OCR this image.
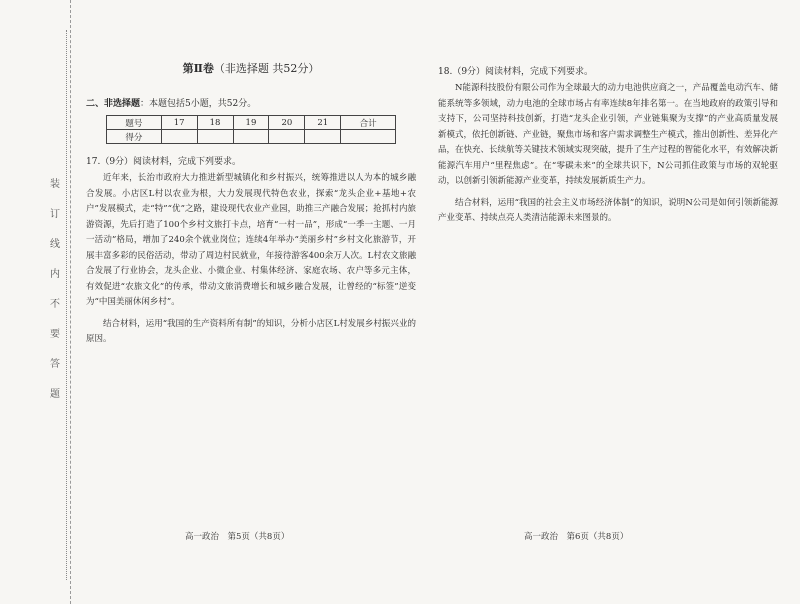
装订线内不要答题
第Ⅱ卷（非选择题 共52分）
二、非选择题：本题包括5小题，共52分。
题号	17	18	19	20	21	合计
得分						
17.（9分）阅读材料，完成下列要求。

近年来，长治市政府大力推进新型城镇化和乡村振兴，统筹推进以人为本的城乡融合发展。小店区L村以农业为根，大力发展现代特色农业，探索“龙头企业+基地+农户”发展模式，走“特”“优”之路，建设现代农业产业园，助推三产融合发展；抢抓村内旅游资源，先后打造了100个乡村文旅打卡点，培育“一村一品”，形成“一季一主题、一月一活动”格局，增加了240余个就业岗位；连续4年举办“美丽乡村”乡村文化旅游节，开展丰富多彩的民俗活动，带动了周边村民就业，年接待游客400余万人次。L村农文旅融合发展了行业协会，龙头企业、小微企业、村集体经济、家庭农场、农户等多元主体，有效促进“农旅文化”的传承，带动文旅消费增长和城乡融合发展，让曾经的“标签”逆变为“中国美丽休闲乡村”。

结合材料，运用“我国的生产资料所有制”的知识，分析小店区L村发展乡村振兴业的原因。

18.（9分）阅读材料，完成下列要求。

N能源科技股份有限公司作为全球最大的动力电池供应商之一，产品覆盖电动汽车、储能系统等多领域，动力电池的全球市场占有率连续8年排名第一。在当地政府的政策引导和支持下，公司坚持科技创新，打造“龙头企业引领，产业链集聚为支撑”的产业高质量发展新模式，依托创新链、产业链，聚焦市场和客户需求调整生产模式，推出创新性、差异化产品，在快充、长续航等关键技术领域实现突破，提升了生产过程的智能化水平，有效解决新能源汽车用户“里程焦虑”。在“零碳未来”的全球共识下，N公司抓住政策与市场的双轮驱动，以创新引领新能源产业变革，持续发展新质生产力。

结合材料，运用“我国的社会主义市场经济体制”的知识，说明N公司是如何引领新能源产业变革、持续点亮人类清洁能源未来图景的。

高一政治　第5页（共8页）	高一政治　第6页（共8页）
